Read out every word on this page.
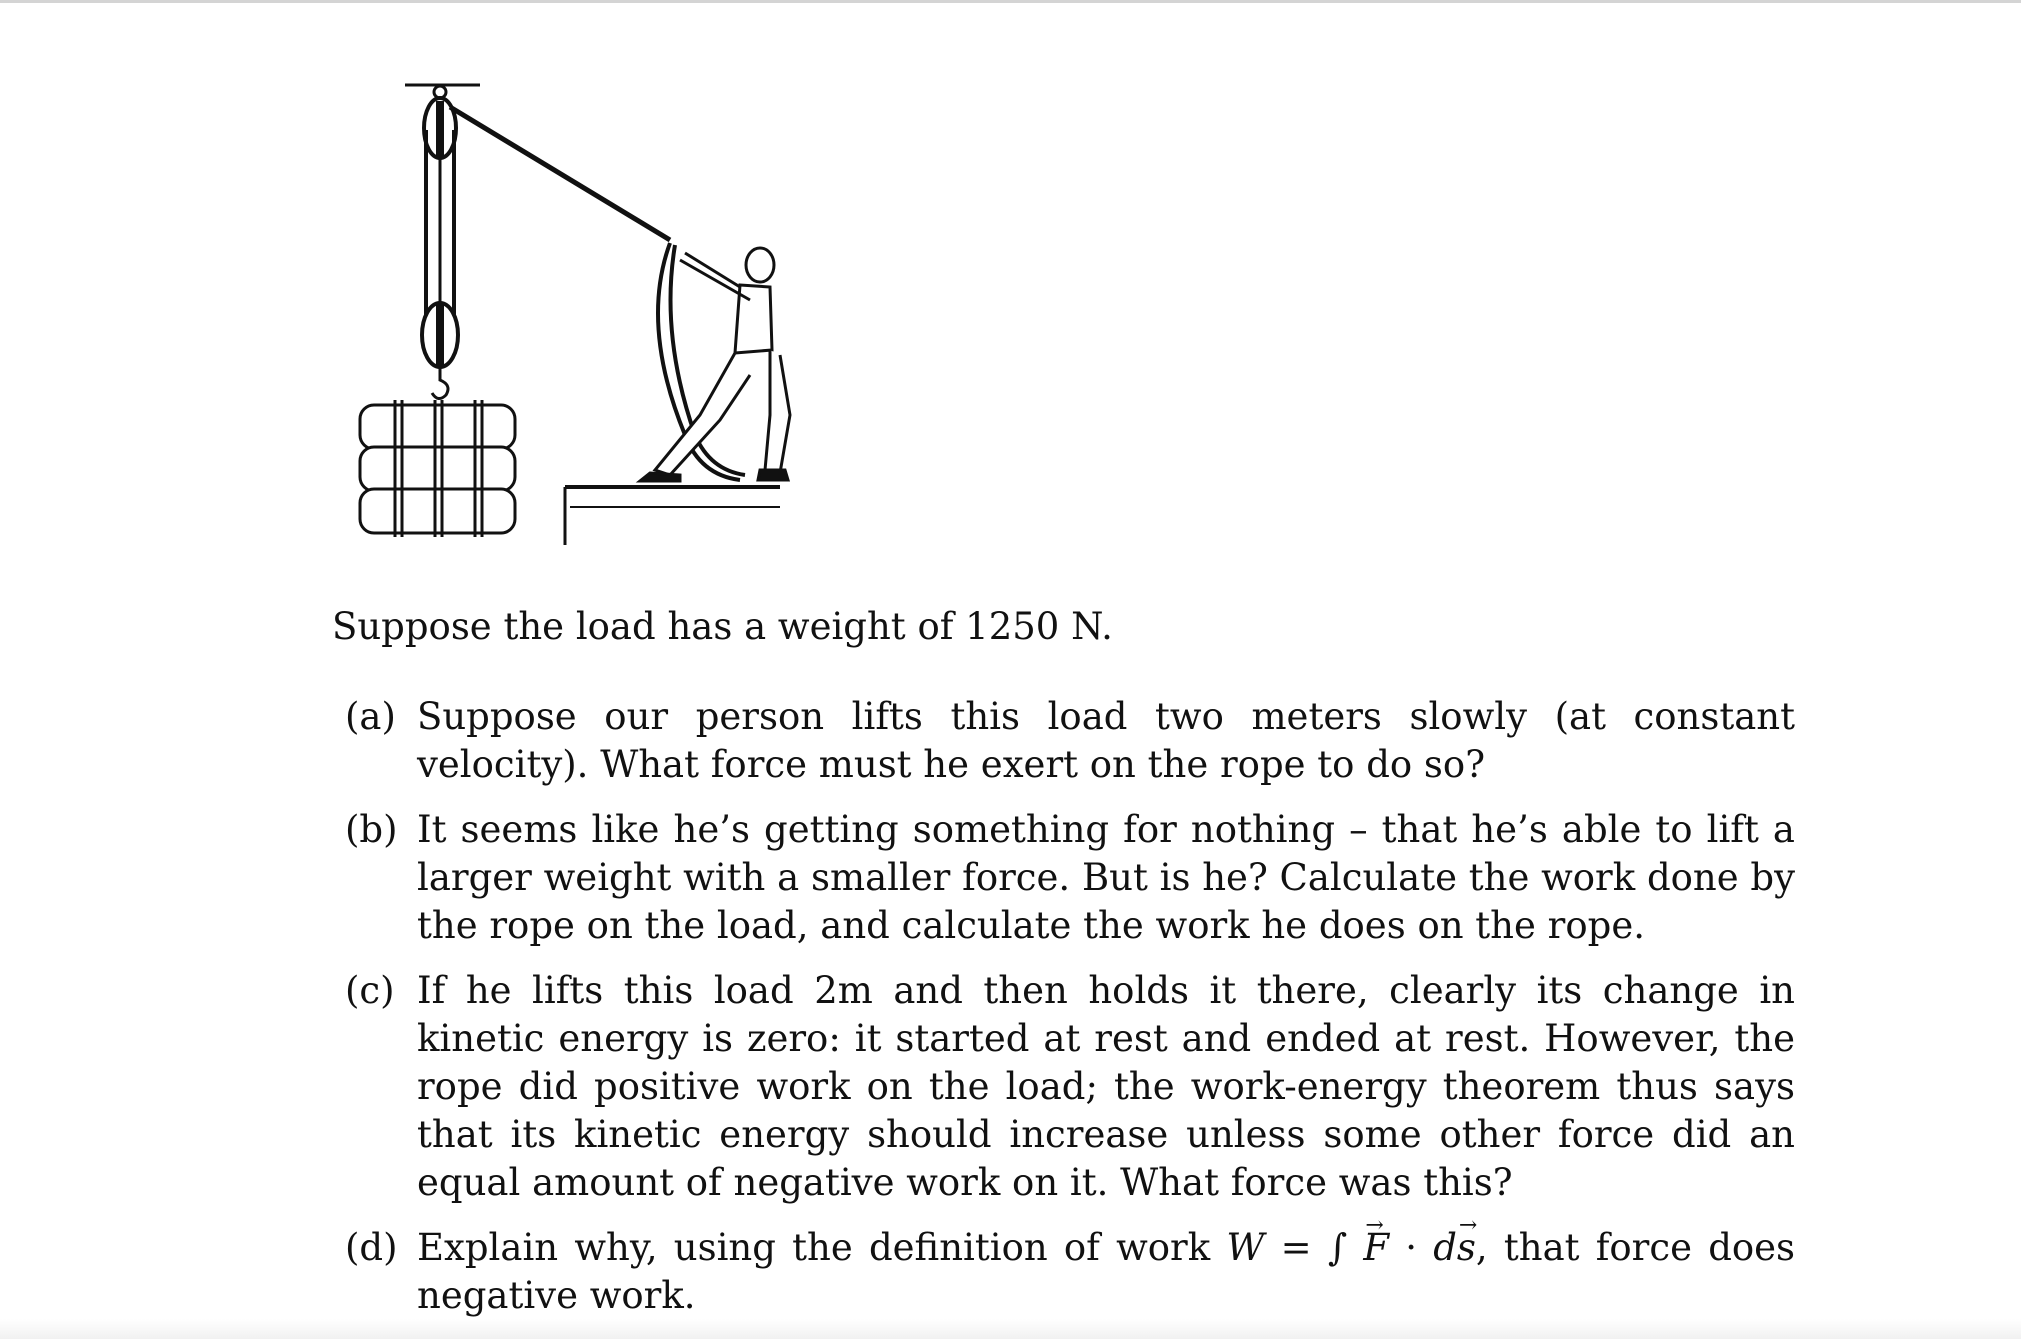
Suppose the load has a weight of 1250 N.

(a) Suppose our person lifts this load two meters slowly (at constant velocity). What force must he exert on the rope to do so?
(b) It seems like he’s getting something for nothing – that he’s able to lift a larger weight with a smaller force. But is he? Calculate the work done by the rope on the load, and calculate the work he does on the rope.
(c) If he lifts this load 2m and then holds it there, clearly its change in kinetic energy is zero: it started at rest and ended at rest. However, the rope did positive work on the load; the work-energy theorem thus says that its kinetic energy should increase unless some other force did an equal amount of negative work on it. What force was this?
(d) Explain why, using the definition of work W = ∫ → F · d→ s, that force does negative work.
